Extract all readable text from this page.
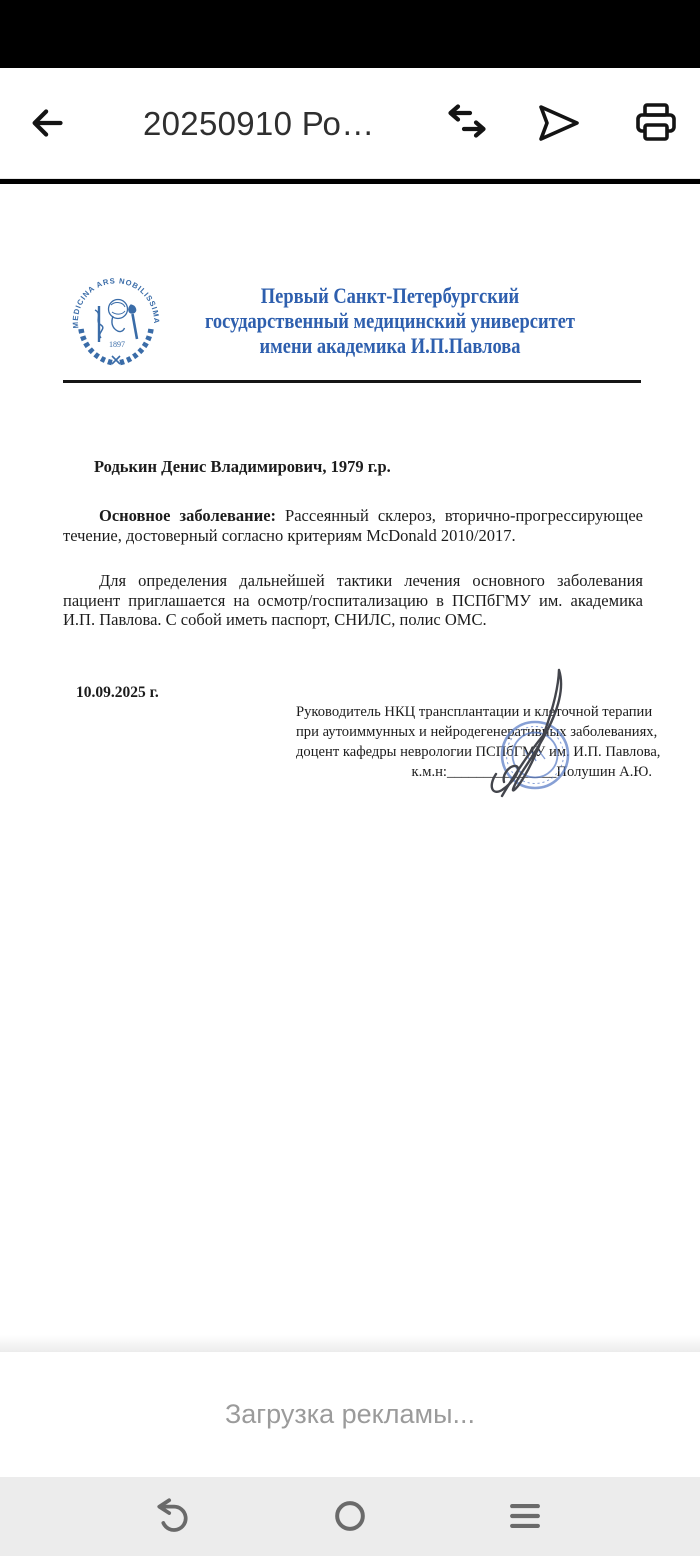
20250910 Ро…
MEDICINA ARS NOBILISSIMA
1897
Первый Санкт-Петербургский
государственный медицинский университет
имени академика И.П.Павлова

Родькин Денис Владимирович, 1979 г.р.

Основное заболевание: Рассеянный склероз, вторично-прогрессирующее течение, достоверный согласно критериям McDonald 2010/2017.

Для определения дальнейшей тактики лечения основного заболевания пациент приглашается на осмотр/госпитализацию в ПСПбГМУ им. академика И.П. Павлова. С собой иметь паспорт, СНИЛС, полис ОМС.

10.09.2025 г.
Руководитель НКЦ трансплантации и клеточной терапии
при аутоиммунных и нейродегенеративных заболеваниях,
доцент кафедры неврологии ПСПбГМУ им. И.П. Павлова,
к.м.н:_______________Полушин А.Ю.
Загрузка рекламы...
